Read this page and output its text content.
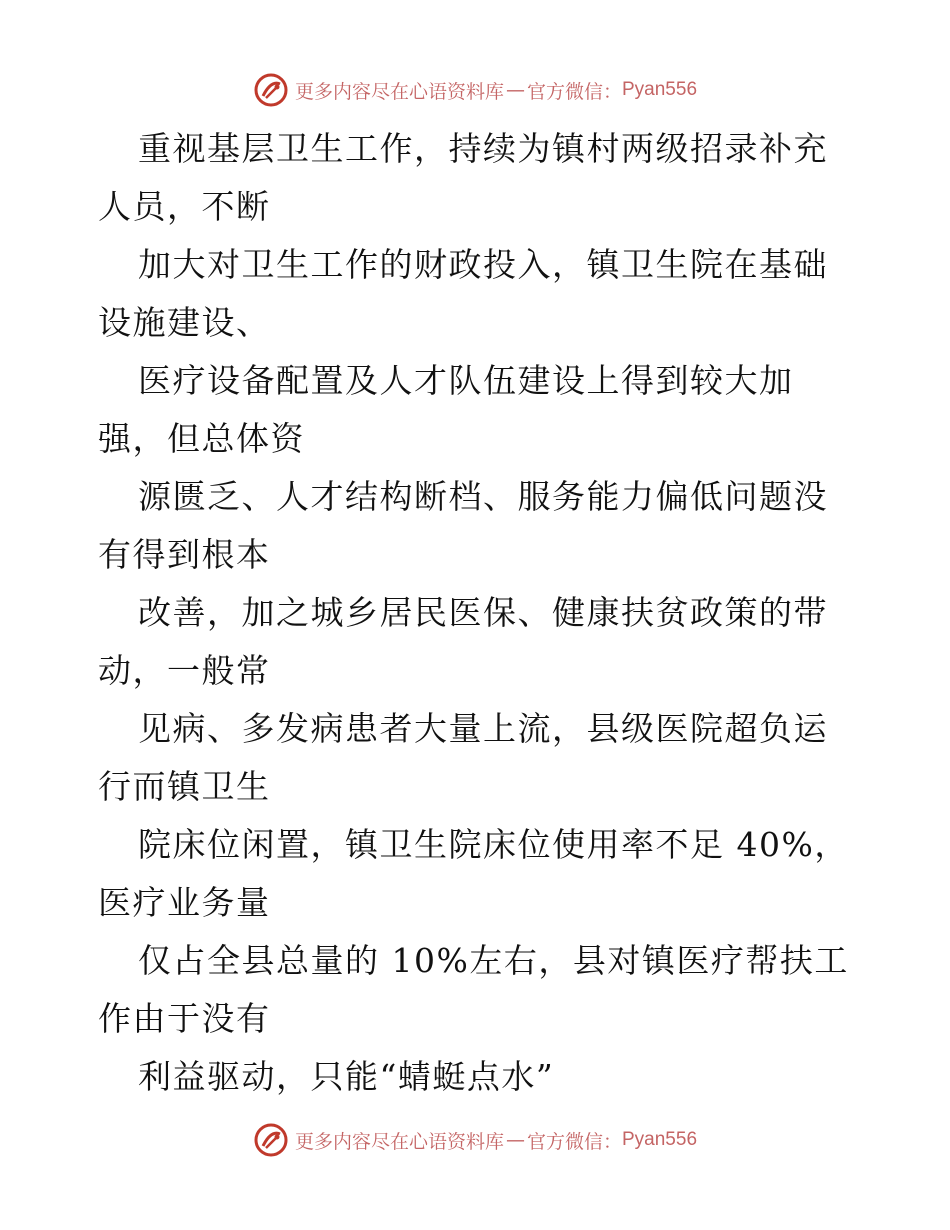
更多内容尽在心语资料库 — 官方微信： Pyan556

重视基层卫生工作，持续为镇村两级招录补充人员，不断

加大对卫生工作的财政投入，镇卫生院在基础设施建设、

医疗设备配置及人才队伍建设上得到较大加强，但总体资

源匮乏、人才结构断档、服务能力偏低问题没有得到根本

改善，加之城乡居民医保、健康扶贫政策的带动，一般常

见病、多发病患者大量上流，县级医院超负运行而镇卫生

院床位闲置，镇卫生院床位使用率不足 40%，医疗业务量

仅占全县总量的 10%左右，县对镇医疗帮扶工作由于没有

利益驱动，只能“蜻蜓点水”

更多内容尽在心语资料库 — 官方微信： Pyan556
